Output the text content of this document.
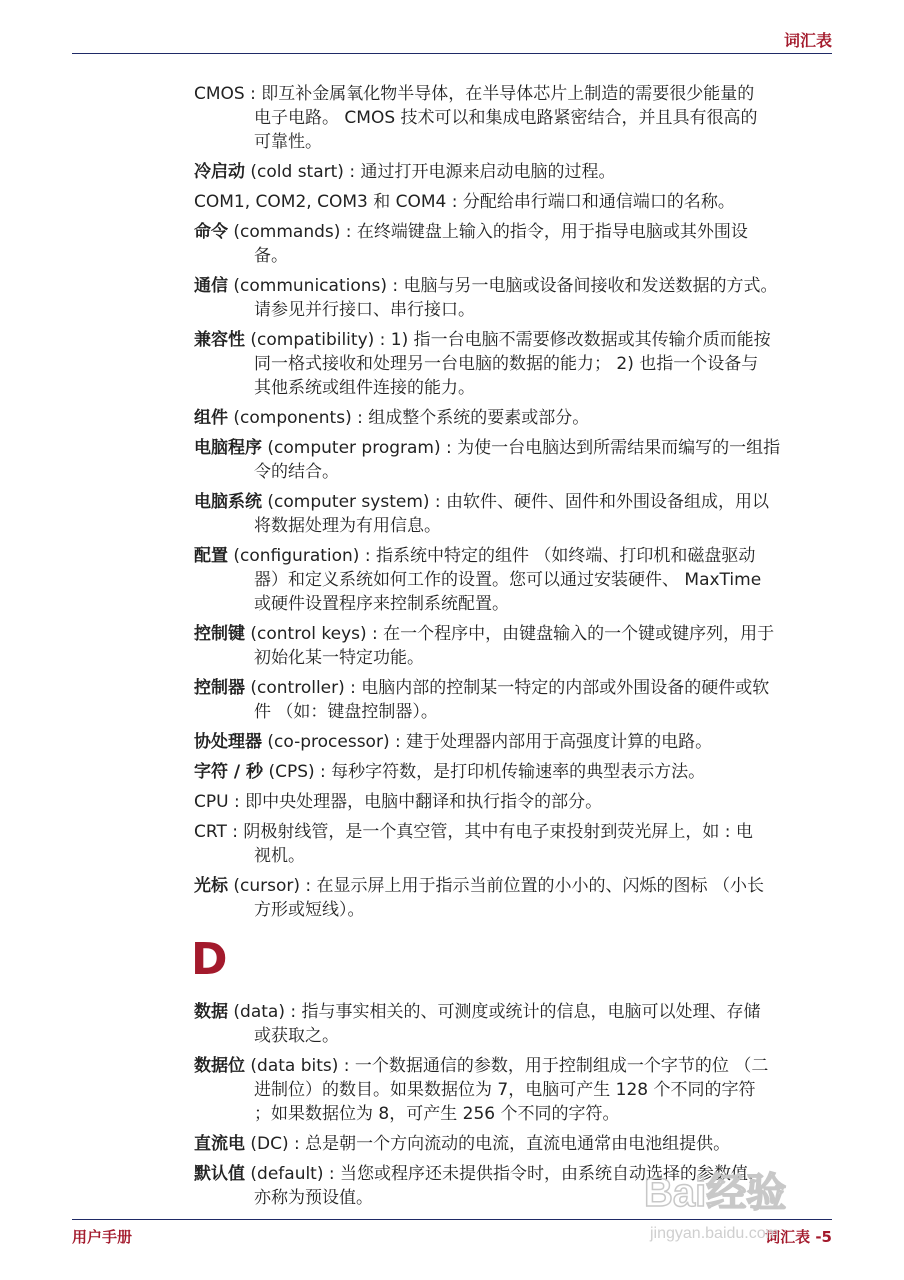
词汇表
CMOS : 即互补金属氧化物半导体，在半导体芯片上制造的需要很少能量的
电子电路。 CMOS 技术可以和集成电路紧密结合，并且具有很高的
可靠性。
冷启动 (cold start) : 通过打开电源来启动电脑的过程。
COM1, COM2, COM3 和 COM4 : 分配给串行端口和通信端口的名称。
命令 (commands) : 在终端键盘上输入的指令，用于指导电脑或其外围设
备。
通信 (communications) : 电脑与另一电脑或设备间接收和发送数据的方式。
请参见并行接口、串行接口。
兼容性 (compatibility) : 1) 指一台电脑不需要修改数据或其传输介质而能按
同一格式接收和处理另一台电脑的数据的能力； 2) 也指一个设备与
其他系统或组件连接的能力。
组件 (components) : 组成整个系统的要素或部分。
电脑程序 (computer program) : 为使一台电脑达到所需结果而编写的一组指
令的结合。
电脑系统 (computer system) : 由软件、硬件、固件和外围设备组成，用以
将数据处理为有用信息。
配置 (configuration) : 指系统中特定的组件 （如终端、打印机和磁盘驱动
器）和定义系统如何工作的设置。您可以通过安装硬件、 MaxTime
或硬件设置程序来控制系统配置。
控制键 (control keys) : 在一个程序中，由键盘输入的一个键或键序列，用于
初始化某一特定功能。
控制器 (controller) : 电脑内部的控制某一特定的内部或外围设备的硬件或软
件 （如：键盘控制器）。
协处理器 (co-processor) : 建于处理器内部用于高强度计算的电路。
字符 / 秒 (CPS) : 每秒字符数，是打印机传输速率的典型表示方法。
CPU : 即中央处理器，电脑中翻译和执行指令的部分。
CRT : 阴极射线管，是一个真空管，其中有电子束投射到荧光屏上，如 : 电
视机。
光标 (cursor) : 在显示屏上用于指示当前位置的小小的、闪烁的图标 （小长
方形或短线）。
D
数据 (data) : 指与事实相关的、可测度或统计的信息，电脑可以处理、存储
或获取之。
数据位 (data bits) : 一个数据通信的参数，用于控制组成一个字节的位 （二
进制位）的数目。如果数据位为 7，电脑可产生 128 个不同的字符
；如果数据位为 8，可产生 256 个不同的字符。
直流电 (DC) : 总是朝一个方向流动的电流，直流电通常由电池组提供。
默认值 (default) : 当您或程序还未提供指令时，由系统自动选择的参数值，
亦称为预设值。
用户手册	词汇表 -5
Bai经验
jingyan.baidu.com
